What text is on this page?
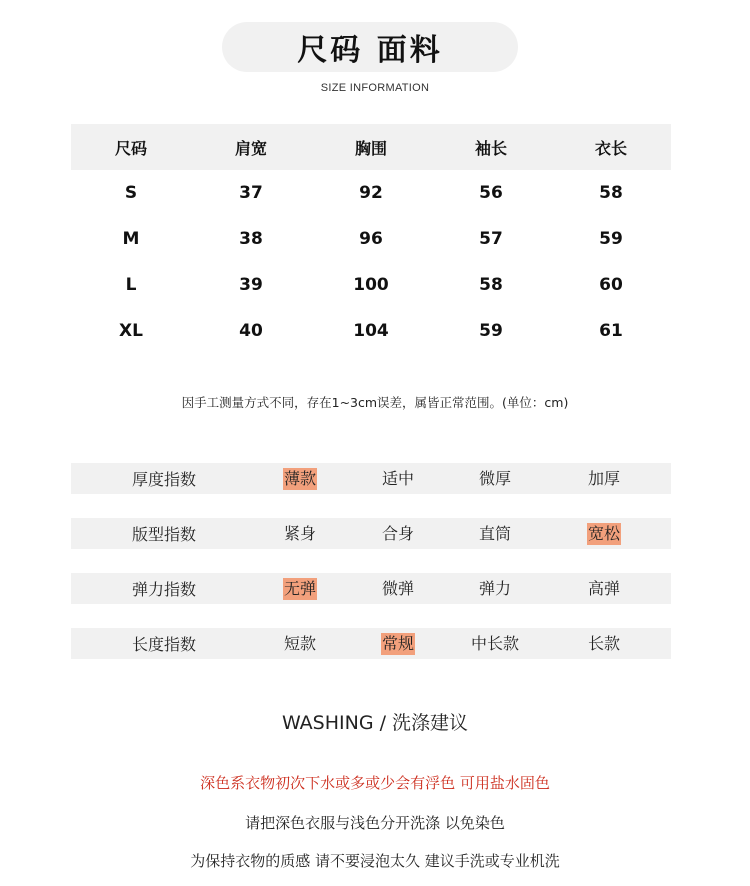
尺码 面料
SIZE INFORMATION
尺码	肩宽	胸围	袖长	衣长
S	37	92	56	58
M	38	96	57	59
L	39	100	58	60
XL	40	104	59	61
因手工测量方式不同，存在1~3cm误差，属皆正常范围。(单位：cm)
厚度指数	薄款	适中	微厚	加厚
版型指数	紧身	合身	直筒	宽松
弹力指数	无弹	微弹	弹力	高弹
长度指数	短款	常规	中长款	长款
WASHING / 洗涤建议
深色系衣物初次下水或多或少会有浮色 可用盐水固色
请把深色衣服与浅色分开洗涤 以免染色
为保持衣物的质感 请不要浸泡太久 建议手洗或专业机洗
